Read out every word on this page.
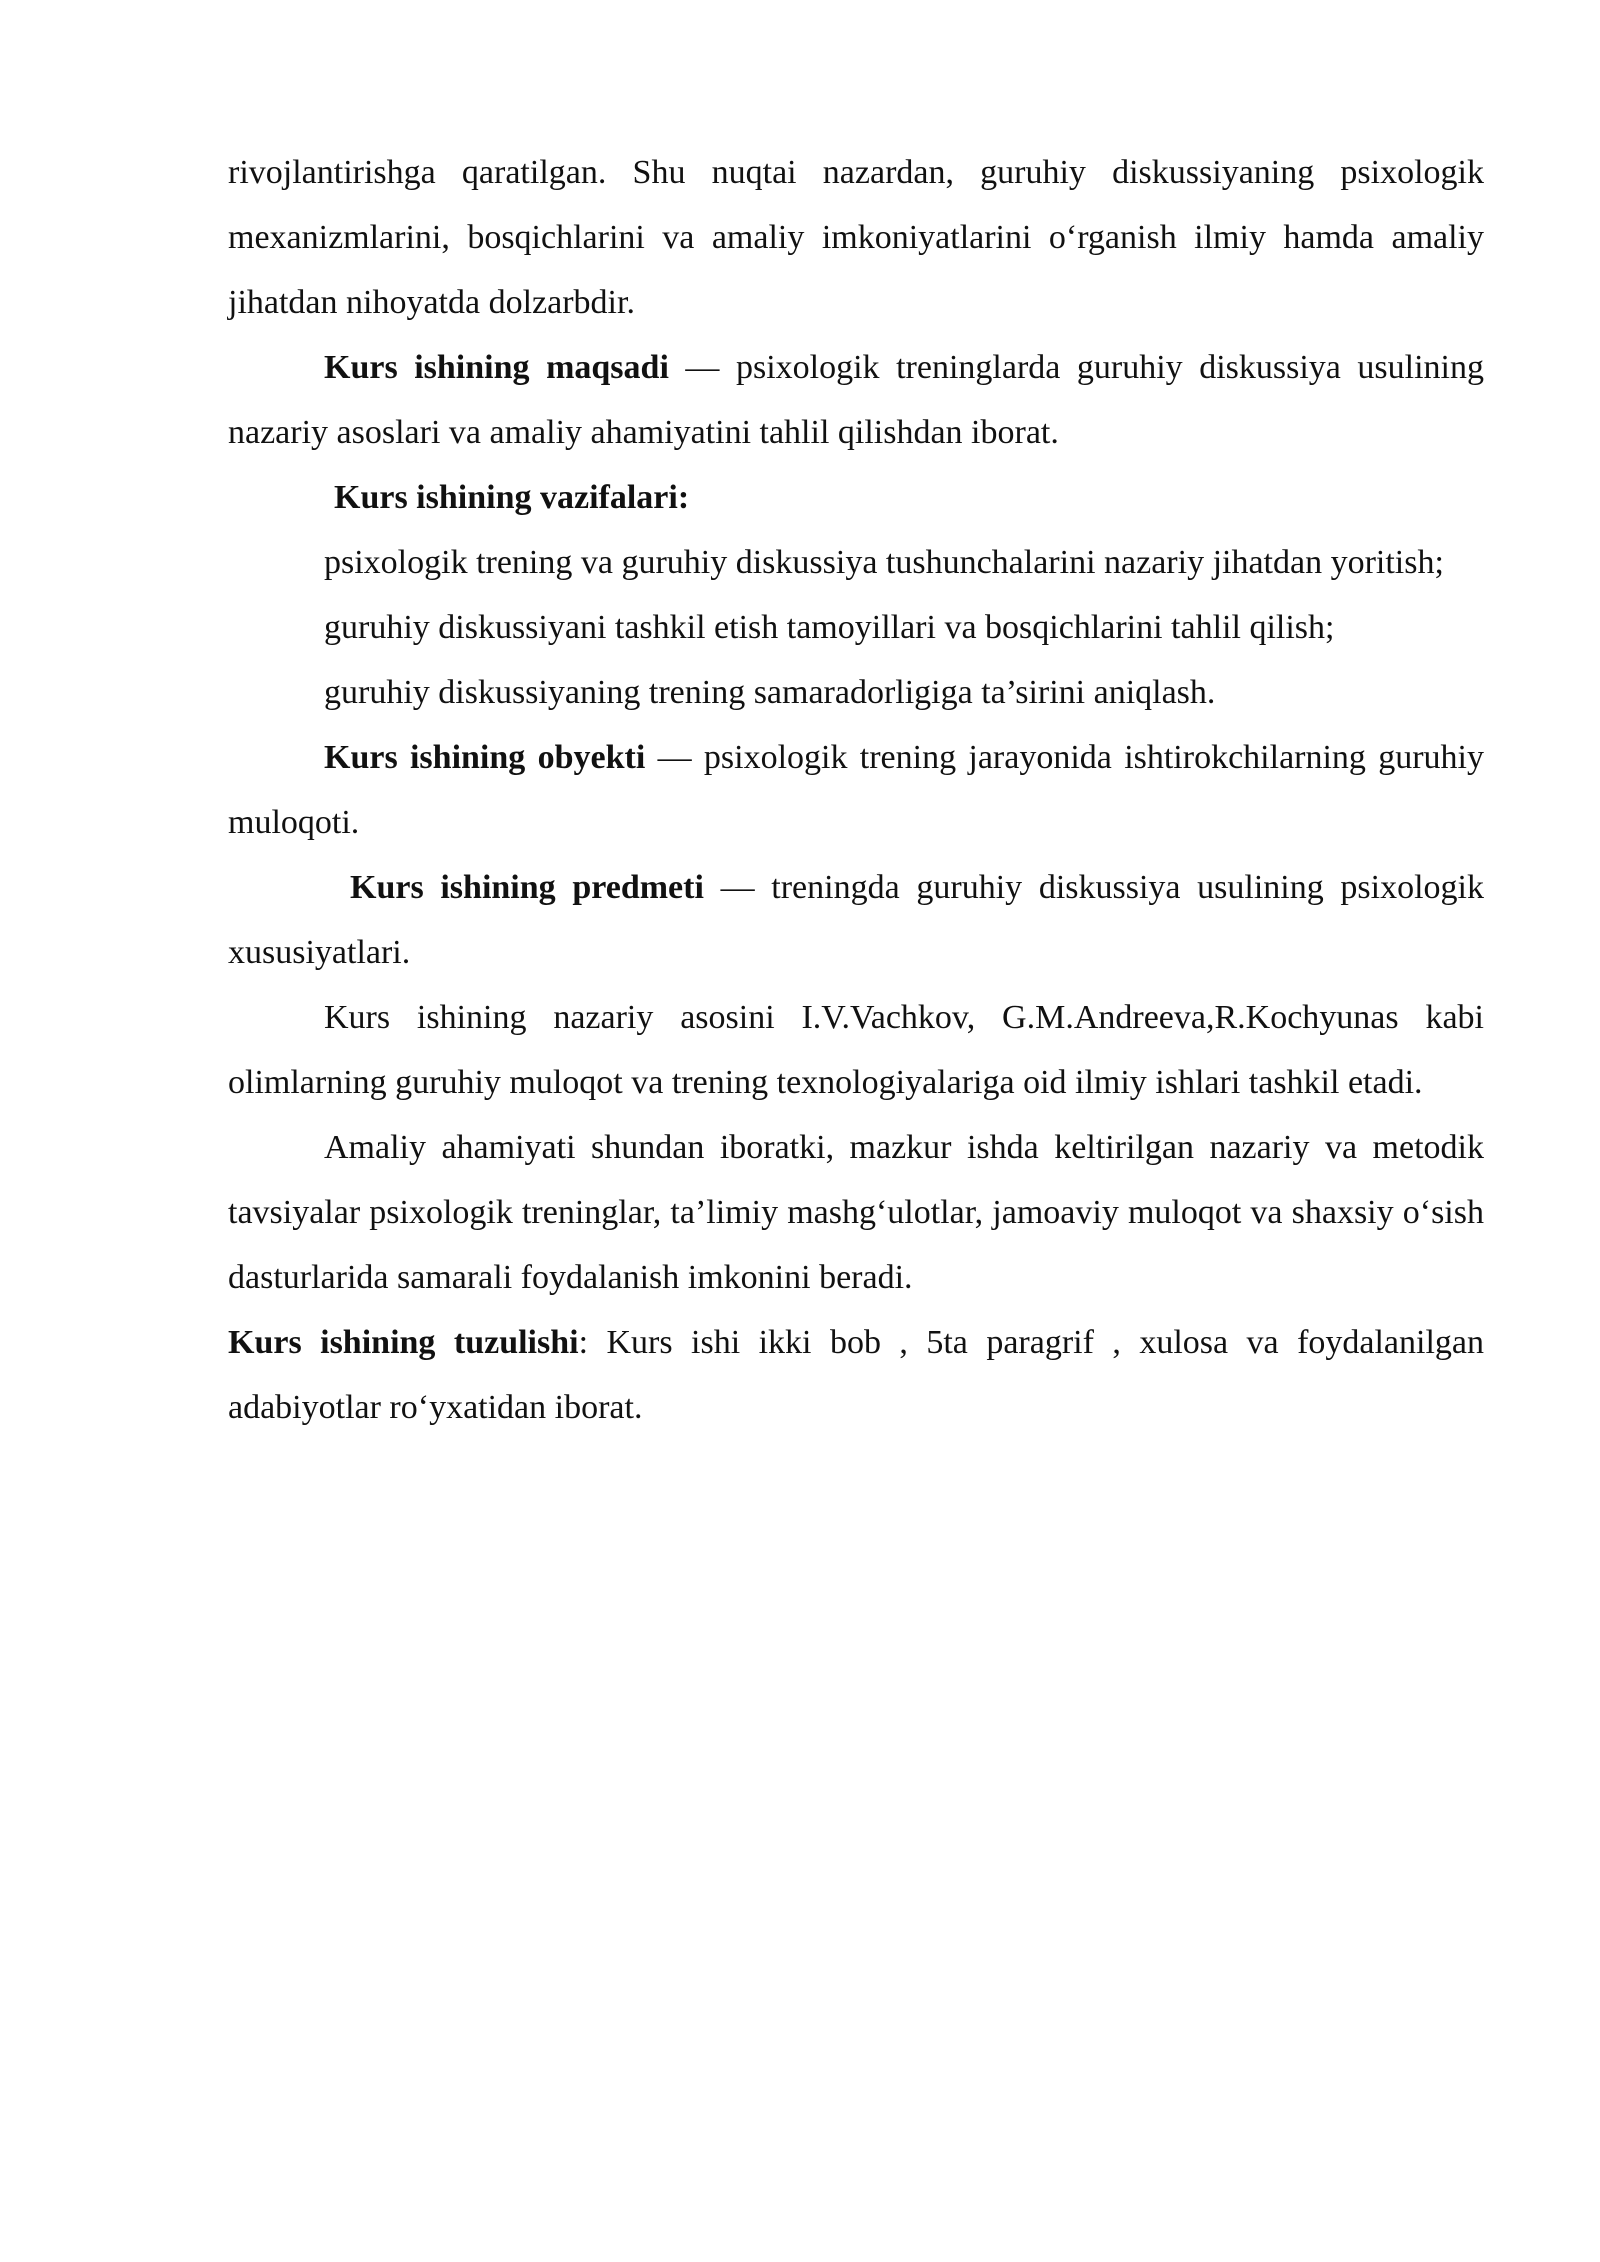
rivojlantirishga qaratilgan. Shu nuqtai nazardan, guruhiy diskussiyaning psixologik mexanizmlarini, bosqichlarini va amaliy imkoniyatlarini o‘rganish ilmiy hamda amaliy jihatdan nihoyatda dolzarbdir.

Kurs ishining maqsadi — psixologik treninglarda guruhiy diskussiya usulining nazariy asoslari va amaliy ahamiyatini tahlil qilishdan iborat.

Kurs ishining vazifalari:

psixologik trening va guruhiy diskussiya tushunchalarini nazariy jihatdan yoritish;

guruhiy diskussiyani tashkil etish tamoyillari va bosqichlarini tahlil qilish;

guruhiy diskussiyaning trening samaradorligiga ta’sirini aniqlash.

Kurs ishining obyekti — psixologik trening jarayonida ishtirokchilarning guruhiy muloqoti.

Kurs ishining predmeti — treningda guruhiy diskussiya usulining psixologik xususiyatlari.

Kurs ishining nazariy asosini I.V.Vachkov, G.M.Andreeva,R.Kochyunas kabi olimlarning guruhiy muloqot va trening texnologiyalariga oid ilmiy ishlari tashkil etadi.

Amaliy ahamiyati shundan iboratki, mazkur ishda keltirilgan nazariy va metodik tavsiyalar psixologik treninglar, ta’limiy mashg‘ulotlar, jamoaviy muloqot va shaxsiy o‘sish dasturlarida samarali foydalanish imkonini beradi.

Kurs ishining tuzulishi: Kurs ishi ikki bob , 5ta paragrif , xulosa va foydalanilgan adabiyotlar ro‘yxatidan iborat.
